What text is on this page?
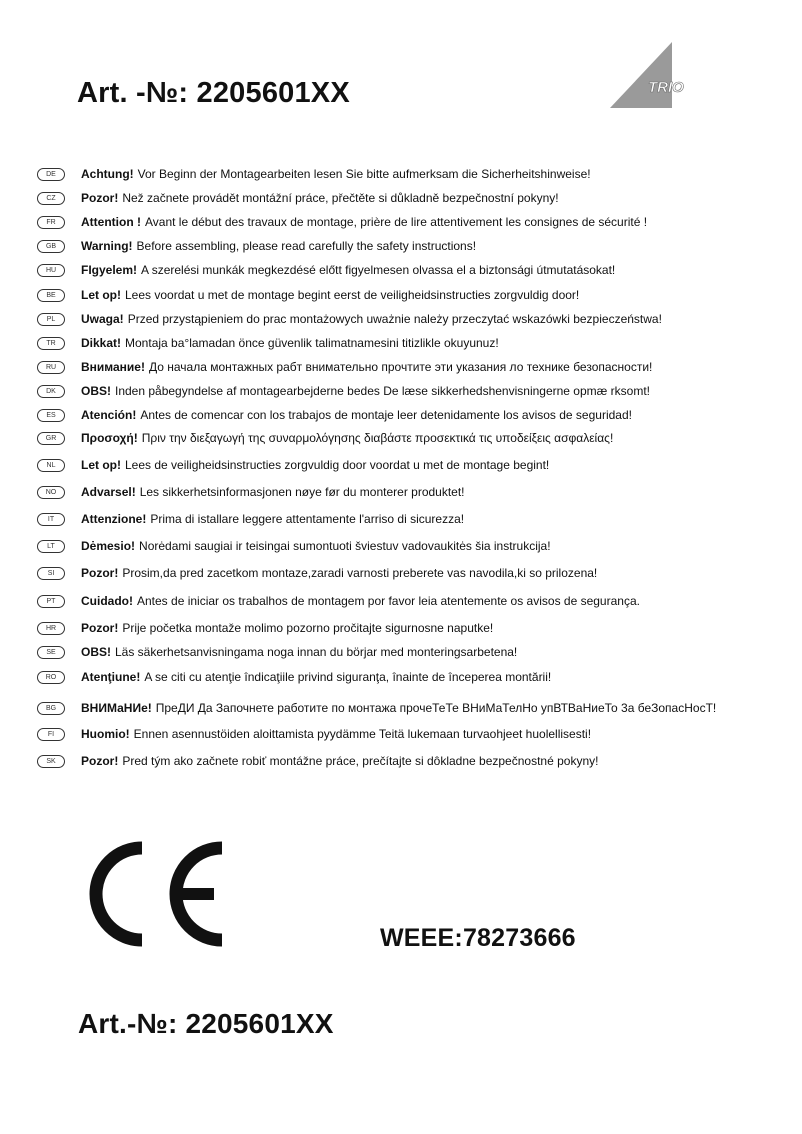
Art. -№: 2205601XX	TRIO
DE	Achtung! Vor Beginn der Montagearbeiten lesen Sie bitte aufmerksam die Sicherheitshinweise!
CZ	Pozor! Než začnete provádět montážní práce, přečtěte si důkladně bezpečnostní pokyny!
FR	Attention ! Avant le début des travaux de montage, prière de lire attentivement les consignes de sécurité !
GB	Warning! Before assembling, please read carefully the safety instructions!
HU	FIgyelem! A szerelési munkák megkezdésé előtt figyelmesen olvassa el a biztonsági útmutatásokat!
BE	Let op! Lees voordat u met de montage begint eerst de veiligheidsinstructies zorgvuldig door!
PL	Uwaga! Przed przystąpieniem do prac montażowych uważnie należy przeczytać wskazówki bezpieczeństwa!
TR	Dikkat! Montaja ba°lamadan önce güvenlik talimatnamesini titizlikle okuyunuz!
RU	Внимание! До начала монтажных рабт внимательно прочтите эти указания ло технике безопасности!
DK	OBS! Inden påbegyndelse af montagearbejderne bedes De læse sikkerhedshenvisningerne opmæ rksomt!
ES	Atención! Antes de comencar con los trabajos de montaje leer detenidamente los avisos de seguridad!
GR	Προσοχή! Πριν την διεξαγωγή της συναρμολόγησης διαβάστε προσεκτικά τις υποδείξεις ασφαλείας!
NL	Let op! Lees de veiligheidsinstructies zorgvuldig door voordat u met de montage begint!
NO	Advarsel! Les sikkerhetsinformasjonen nøye før du monterer produktet!
IT	Attenzione! Prima di istallare leggere attentamente l'arriso di sicurezza!
LT	Dėmesio! Norėdami saugiai ir teisingai sumontuoti šviestuv vadovaukitės šia instrukcija!
SI	Pozor! Prosim,da pred zacetkom montaze,zaradi varnosti preberete vas navodila,ki so prilozena!
PT	Cuidado! Antes de iniciar os trabalhos de montagem por favor leia atentemente os avisos de segurança.
HR	Pozor! Prije početka montaže molimo pozorno pročitajte sigurnosne naputke!
SE	OBS! Läs säkerhetsanvisningama noga innan du börjar med monteringsarbetena!
RO	Atenţiune! A se citi cu atenţie îndicaţiile privind siguranţa, înainte de începerea montării!
BG	ВНИМаНИе! ПреДИ Да Започнете работите по монтажа прочеТеТе ВНиМаТелНо упВТВаНиеТо 3а беЗопасНосТ!
FI	Huomio! Ennen asennustöiden aloittamista pyydämme Teitä lukemaan turvaohjeet huolellisesti!
SK	Pozor! Pred tým ako začnete robiť montážne práce, prečítajte si dôkladne bezpečnostné pokyny!
WEEE:78273666
Art.-№: 2205601XX
